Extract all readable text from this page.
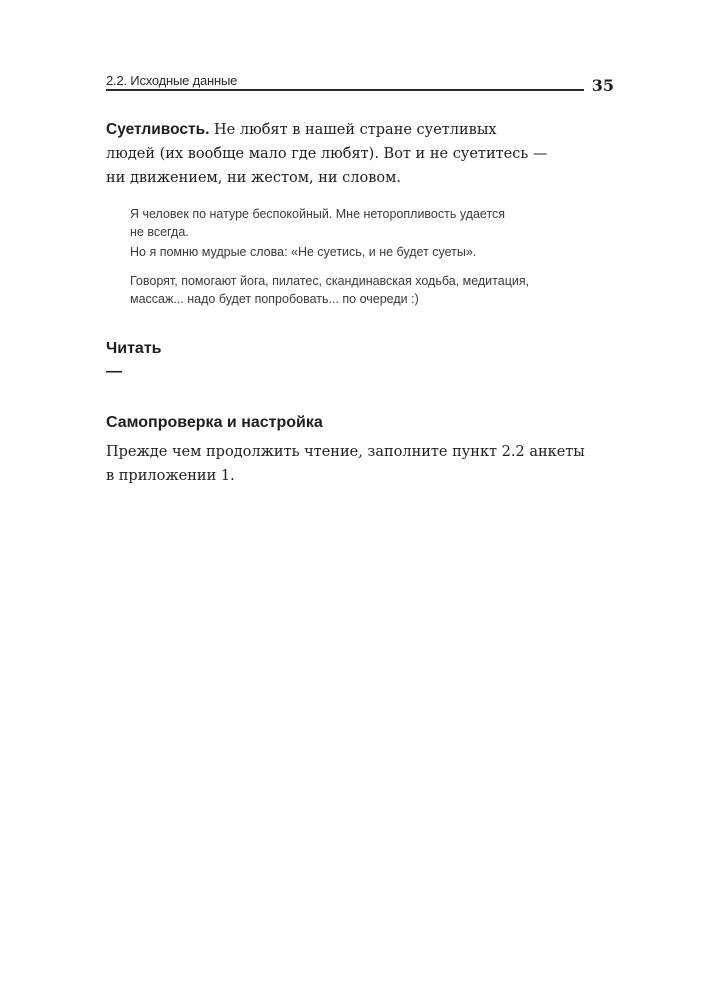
2.2. Исходные данные	35
Суетливость. Не любят в нашей стране суетливых
людей (их вообще мало где любят). Вот и не суетитесь —
ни движением, ни жестом, ни словом.
Я человек по натуре беспокойный. Мне неторопливость удается
не всегда.
Но я помню мудрые слова: «Не суетись, и не будет суеты».
Говорят, помогают йога, пилатес, скандинавская ходьба, медитация,
массаж... надо будет попробовать... по очереди :)
Читать
—
Самопроверка и настройка
Прежде чем продолжить чтение, заполните пункт 2.2 анкеты
в приложении 1.
